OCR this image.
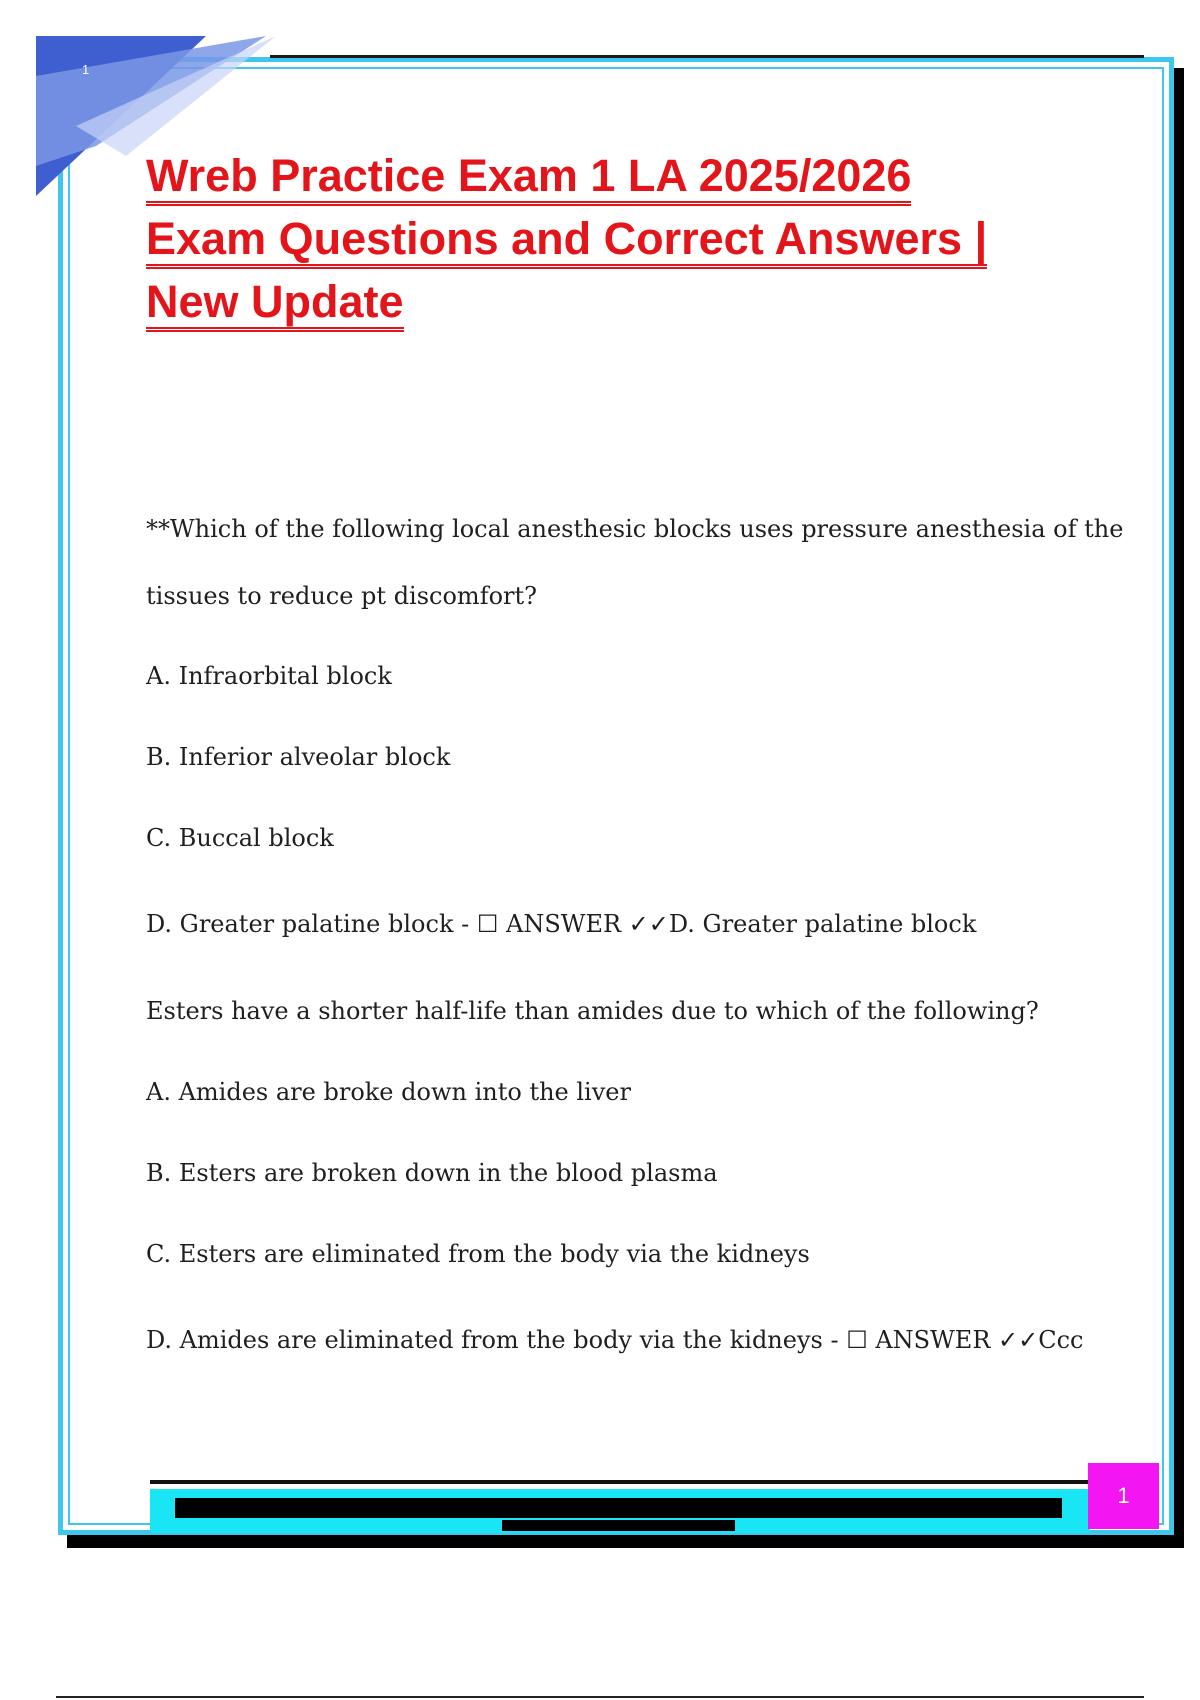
1
Wreb Practice Exam 1 LA 2025/2026
Exam Questions and Correct Answers |
New Update

**Which of the following local anesthesic blocks uses pressure anesthesia of the

tissues to reduce pt discomfort?

A. Infraorbital block

B. Inferior alveolar block

C. Buccal block

D. Greater palatine block - ☐ ANSWER ✓✓D. Greater palatine block

Esters have a shorter half-life than amides due to which of the following?

A. Amides are broke down into the liver

B. Esters are broken down in the blood plasma

C. Esters are eliminated from the body via the kidneys

D. Amides are eliminated from the body via the kidneys - ☐ ANSWER ✓✓Ccc

1
